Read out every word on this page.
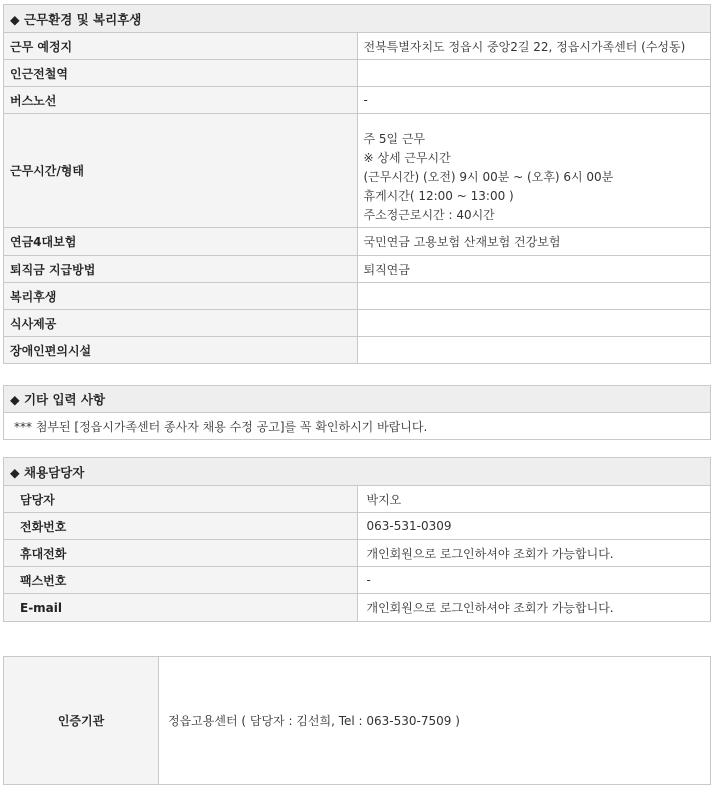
◆ 근무환경 및 복리후생	
근무 예정지	전북특별자치도 정읍시 중앙2길 22, 정읍시가족센터 (수성동)
인근전철역	
버스노선	-
근무시간/형태	주 5일 근무
※ 상세 근무시간
(근무시간) (오전) 9시 00분 ~ (오후) 6시 00분
휴게시간( 12:00 ~ 13:00 )
주소정근로시간 : 40시간

연금4대보험	국민연금 고용보험 산재보험 건강보험
퇴직금 지급방법	퇴직연금
복리후생	
식사제공	
장애인편의시설	
◆ 기타 입력 사항
*** 첨부된 [정읍시가족센터 종사자 채용 수정 공고]를 꼭 확인하시기 바랍니다.
◆ 채용담당자	
담당자	박지오
전화번호	063-531-0309
휴대전화	개인회원으로 로그인하셔야 조회가 가능합니다.
팩스번호	-
E-mail	개인회원으로 로그인하셔야 조회가 가능합니다.
인증기관	정읍고용센터 ( 담당자 : 김선희, Tel : 063-530-7509 )
